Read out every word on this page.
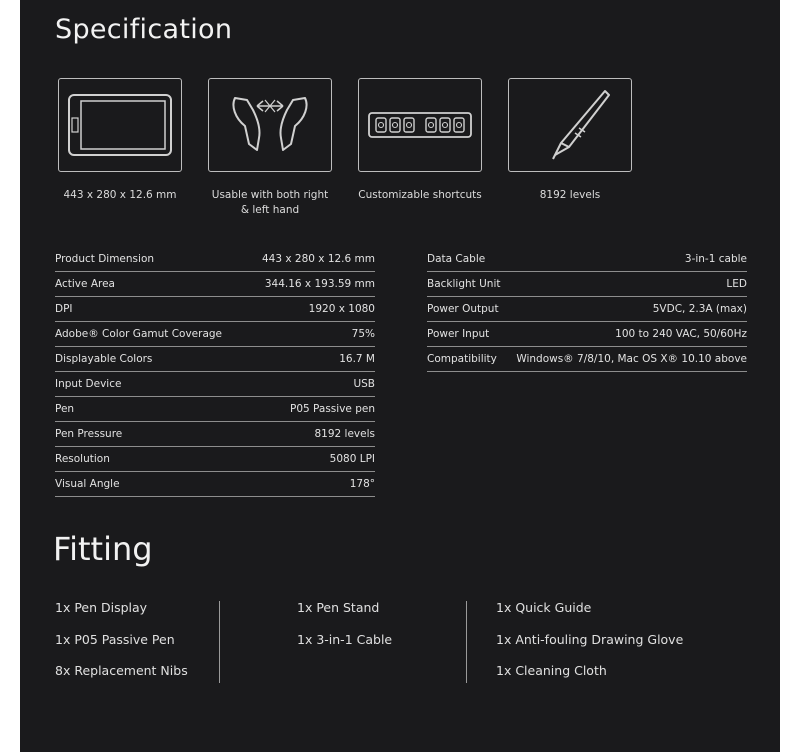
Specification
443 x 280 x 12.6 mm	Usable with both right
& left hand
Customizable shortcuts	8192 levels
Product Dimension	443 x 280 x 12.6 mm
Active Area	344.16 x 193.59 mm
DPI	1920 x 1080
Adobe® Color Gamut Coverage	75%
Displayable Colors	16.7 M
Input Device	USB
Pen	P05 Passive pen
Pen Pressure	8192 levels
Resolution	5080 LPI
Visual Angle	178°
Data Cable	3-in-1 cable
Backlight Unit	LED
Power Output	5VDC, 2.3A (max)
Power Input	100 to 240 VAC, 50/60Hz
Compatibility Windows® 7/8/10, Mac OS X® 10.10 above
Fitting
1x Pen Display
1x P05 Passive Pen
8x Replacement Nibs
1x Pen Stand
1x 3-in-1 Cable
1x Quick Guide
1x Anti-fouling Drawing Glove
1x Cleaning Cloth
